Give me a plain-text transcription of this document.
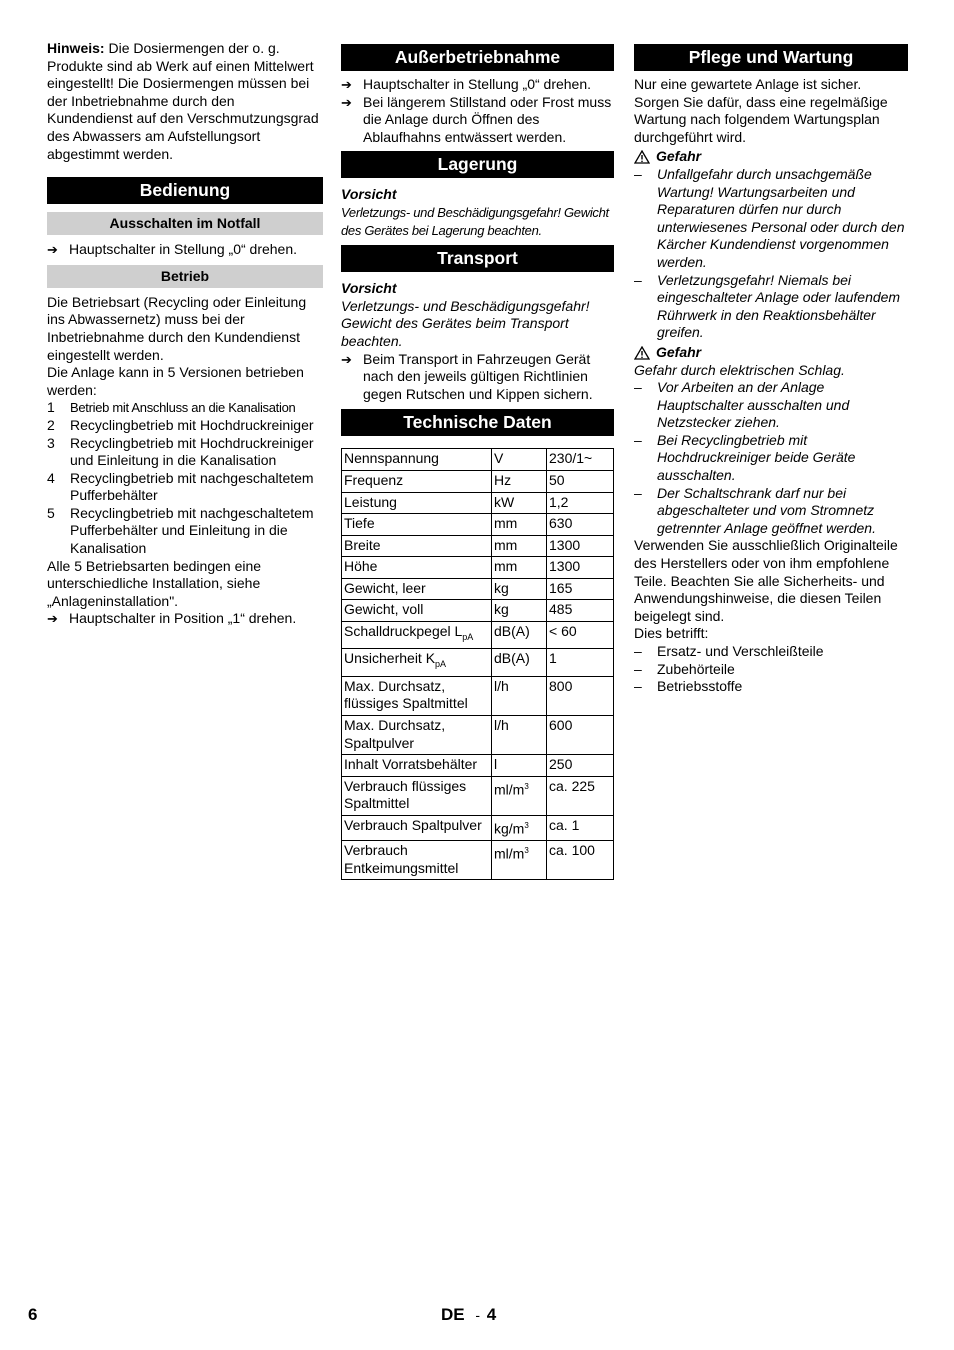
Hinweis: Die Dosiermengen der o. g. Produkte sind ab Werk auf einen Mittelwert eingestellt! Die Dosiermengen müssen bei der Inbetriebnahme durch den Kundendienst auf den Verschmutzungsgrad des Abwassers am Aufstellungsort abgestimmt werden.

Bedienung
Ausschalten im Notfall
➔ Hauptschalter in Stellung „0“ drehen.
Betrieb

Die Betriebsart (Recycling oder Einleitung ins Abwassernetz) muss bei der Inbetriebnahme durch den Kundendienst eingestellt werden.

Die Anlage kann in 5 Versionen betrieben werden:

1	Betrieb mit Anschluss an die Kanalisation
2	Recyclingbetrieb mit Hochdruckreiniger
3	Recyclingbetrieb mit Hochdruckreiniger und Einleitung in die Kanalisation
4	Recyclingbetrieb mit nachgeschaltetem Pufferbehälter
5	Recyclingbetrieb mit nachgeschaltetem Pufferbehälter und Einleitung in die Kanalisation

Alle 5 Betriebsarten bedingen eine unterschiedliche Installation, siehe „Anlageninstallation".

➔ Hauptschalter in Position „1“ drehen.
Außerbetriebnahme
➔ Hauptschalter in Stellung „0“ drehen.
➔ Bei längerem Stillstand oder Frost muss die Anlage durch Öffnen des Ablaufhahns entwässert werden.
Lagerung

Vorsicht

Verletzungs- und Beschädigungsgefahr! Gewicht des Gerätes bei Lagerung beachten.

Transport

Vorsicht

Verletzungs- und Beschädigungsgefahr! Gewicht des Gerätes beim Transport beachten.

➔ Beim Transport in Fahrzeugen Gerät nach den jeweils gültigen Richtlinien gegen Rutschen und Kippen sichern.
Technische Daten
Nennspannung	V	230/1~
Frequenz	Hz	50
Leistung	kW	1,2
Tiefe	mm	630
Breite	mm	1300
Höhe	mm	1300
Gewicht, leer	kg	165
Gewicht, voll	kg	485
Schalldruckpegel $L_{pA}$	dB(A)	< 60
Unsicherheit $K_{pA}$	dB(A)	1
Max. Durchsatz, flüssiges Spaltmittel	l/h	800
Max. Durchsatz, Spaltpulver	l/h	600
Inhalt Vorratsbehälter	l	250
Verbrauch flüssiges Spaltmittel	$ml/m^3$	ca. 225
Verbrauch Spaltpulver	$kg/m^3$	ca. 1
Verbrauch Entkeimungsmittel	$ml/m^3$	ca. 100
Pflege und Wartung

Nur eine gewartete Anlage ist sicher. Sorgen Sie dafür, dass eine regelmäßige Wartung nach folgendem Wartungsplan durchgeführt wird.

Gefahr
–	Unfallgefahr durch unsachgemäße Wartung! Wartungsarbeiten und Reparaturen dürfen nur durch unterwiesenes Personal oder durch den Kärcher Kundendienst vorgenommen werden.
–	Verletzungsgefahr! Niemals bei eingeschalteter Anlage oder laufendem Rührwerk in den Reaktionsbehälter greifen.
Gefahr

Gefahr durch elektrischen Schlag.

–	Vor Arbeiten an der Anlage Hauptschalter ausschalten und Netzstecker ziehen.
–	Bei Recyclingbetrieb mit Hochdruckreiniger beide Geräte ausschalten.
–	Der Schaltschrank darf nur bei abgeschalteter und vom Stromnetz getrennter Anlage geöffnet werden.

Verwenden Sie ausschließlich Originalteile des Herstellers oder von ihm empfohlene Teile. Beachten Sie alle Sicherheits- und Anwendungshinweise, die diesen Teilen beigelegt sind.

Dies betrifft:

–	Ersatz- und Verschleißteile
–	Zubehörteile
–	Betriebsstoffe
6	DE - 4
